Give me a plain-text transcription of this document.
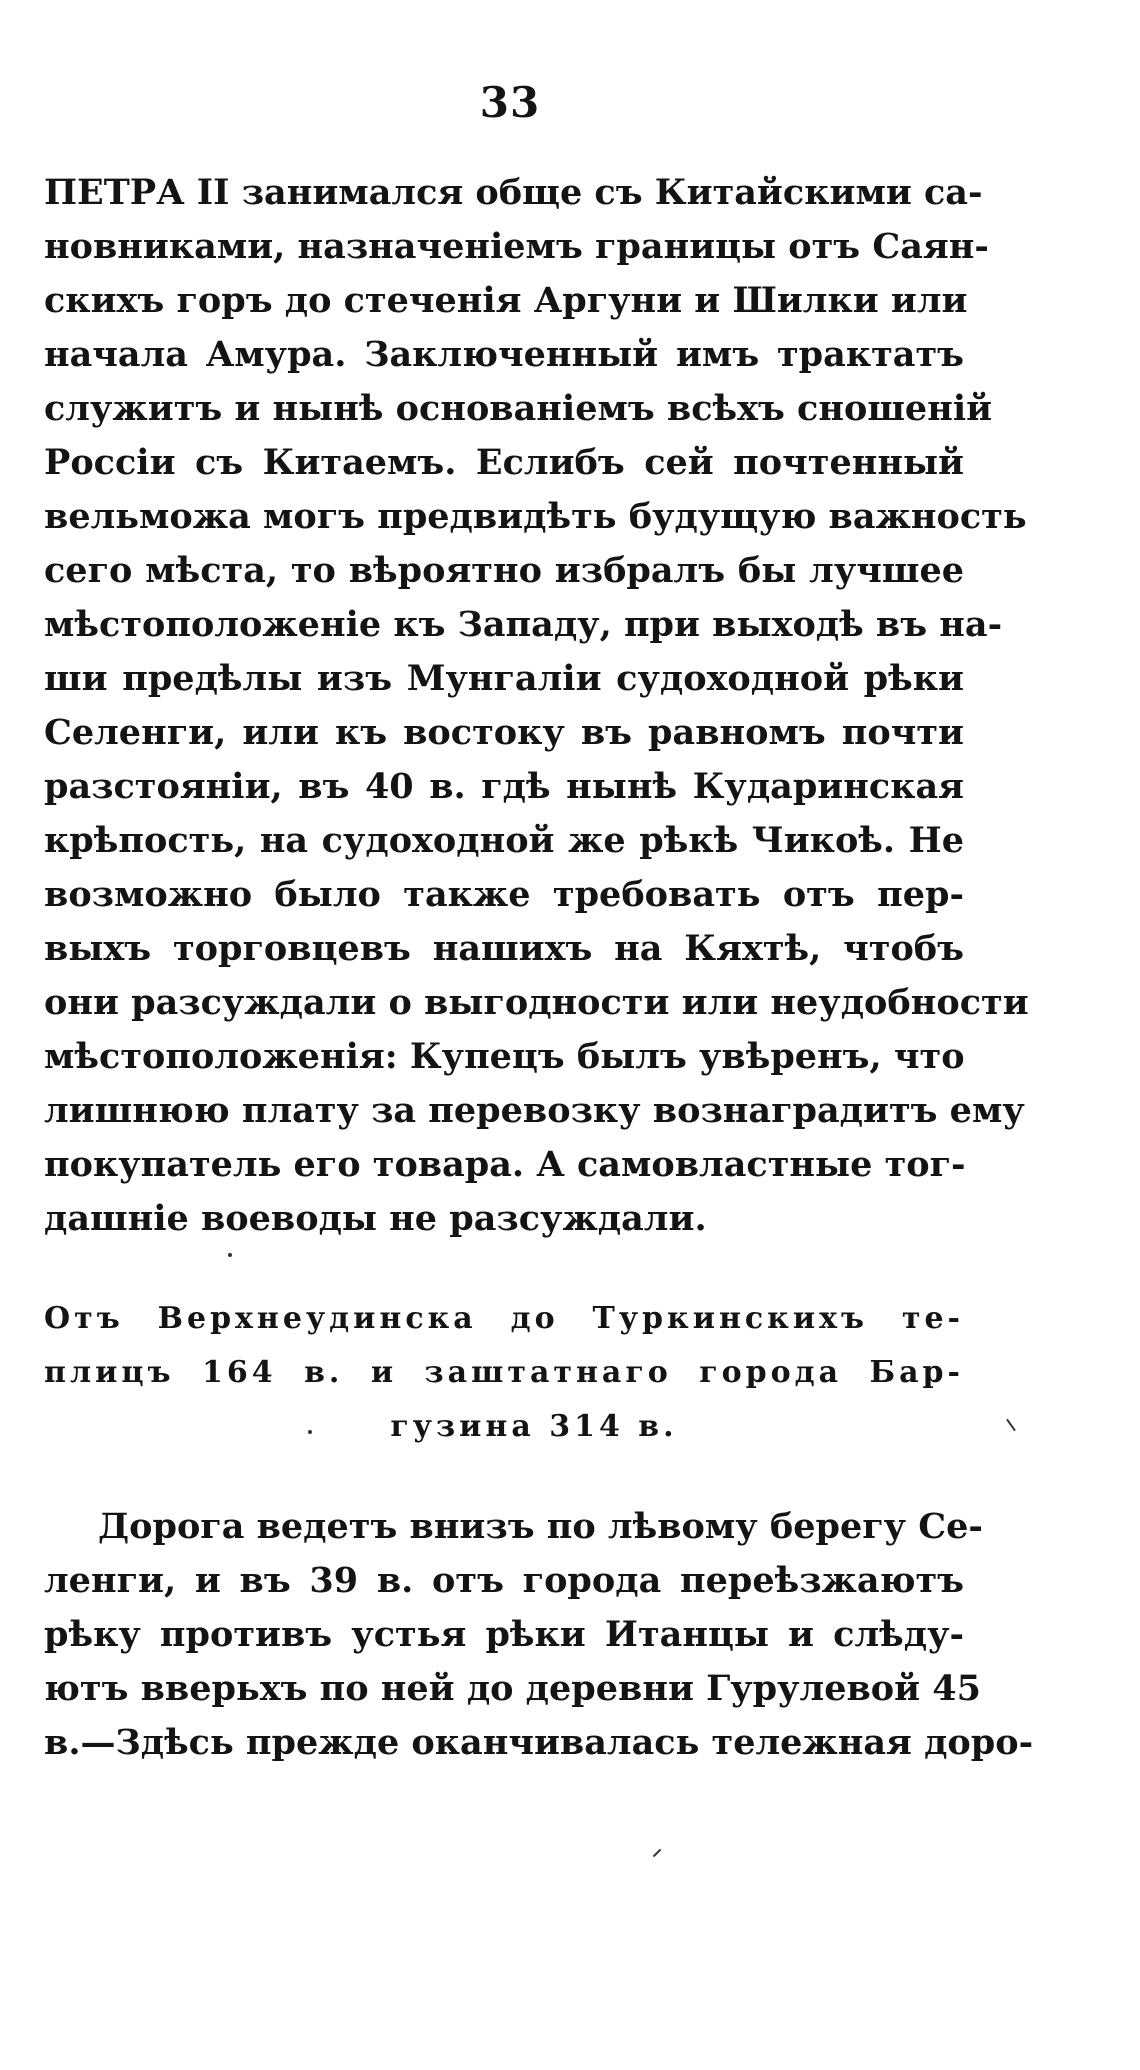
33
ПЕТРА II занимался обще съ Китайскими са-
новниками, назначеніемъ границы отъ Саян-
скихъ горъ до стеченія Аргуни и Шилки или
начала Амура. Заключенный имъ трактатъ
служитъ и нынѣ основаніемъ всѣхъ сношеній
Россіи съ Китаемъ. Еслибъ сей почтенный
вельможа могъ предвидѣть будущую важность
сего мѣста, то вѣроятно избралъ бы лучшее
мѣстоположеніе къ Западу, при выходѣ въ на-
ши предѣлы изъ Мунгаліи судоходной рѣки
Селенги, или къ востоку въ равномъ почти
разстояніи, въ 40 в. гдѣ нынѣ Кударинская
крѣпость, на судоходной же рѣкѣ Чикоѣ. Не
возможно было также требовать отъ пер-
выхъ торговцевъ нашихъ на Кяхтѣ, чтобъ
они разсуждали о выгодности или неудобности
мѣстоположенія: Купецъ былъ увѣренъ, что
лишнюю плату за перевозку вознаградитъ ему
покупатель его товара. А самовластные тог-
дашніе воеводы не разсуждали.
Отъ Верхнеудинска до Туркинскихъ те-
плицъ 164 в. и заштатнаго города Бар-
гузина 314 в.
Дорога ведетъ внизъ по лѣвому берегу Се-
ленги, и въ 39 в. отъ города переѣзжаютъ
рѣку противъ устья рѣки Итанцы и слѣду-
ютъ вверьхъ по ней до деревни Гурулевой 45
в.—Здѣсь прежде оканчивалась тележная доро-
